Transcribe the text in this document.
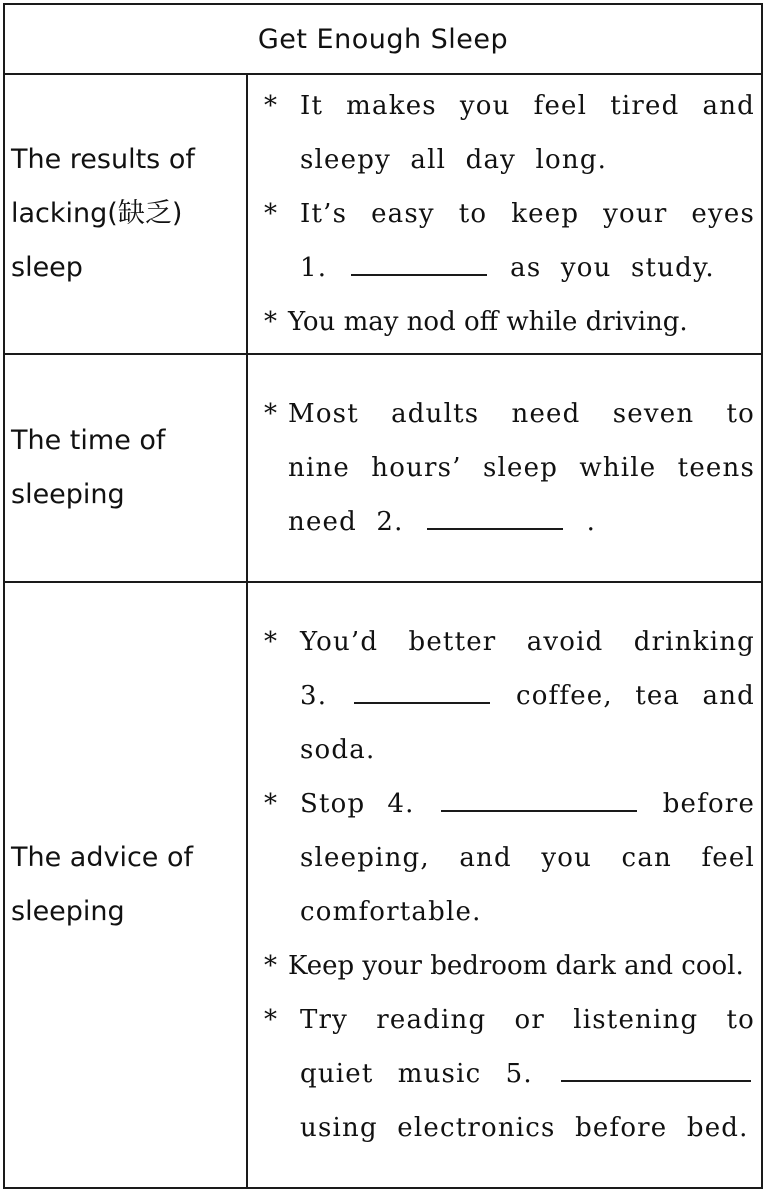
Get Enough Sleep
The results of lacking(缺乏) sleep
* It makes you feel tired and sleepy all day long.
* It’s easy to keep your eyes 1.	as you study.
* You may nod off while driving.
The time of sleeping
* Most adults need seven to nine hours’ sleep while teens need 2.	.
The advice of sleeping
* You’d better avoid drinking 3.	coffee, tea and soda.
* Stop 4.	before sleeping, and you can feel comfortable.
* Keep your bedroom dark and cool.
* Try reading or listening to quiet music 5.  using electronics before bed.
